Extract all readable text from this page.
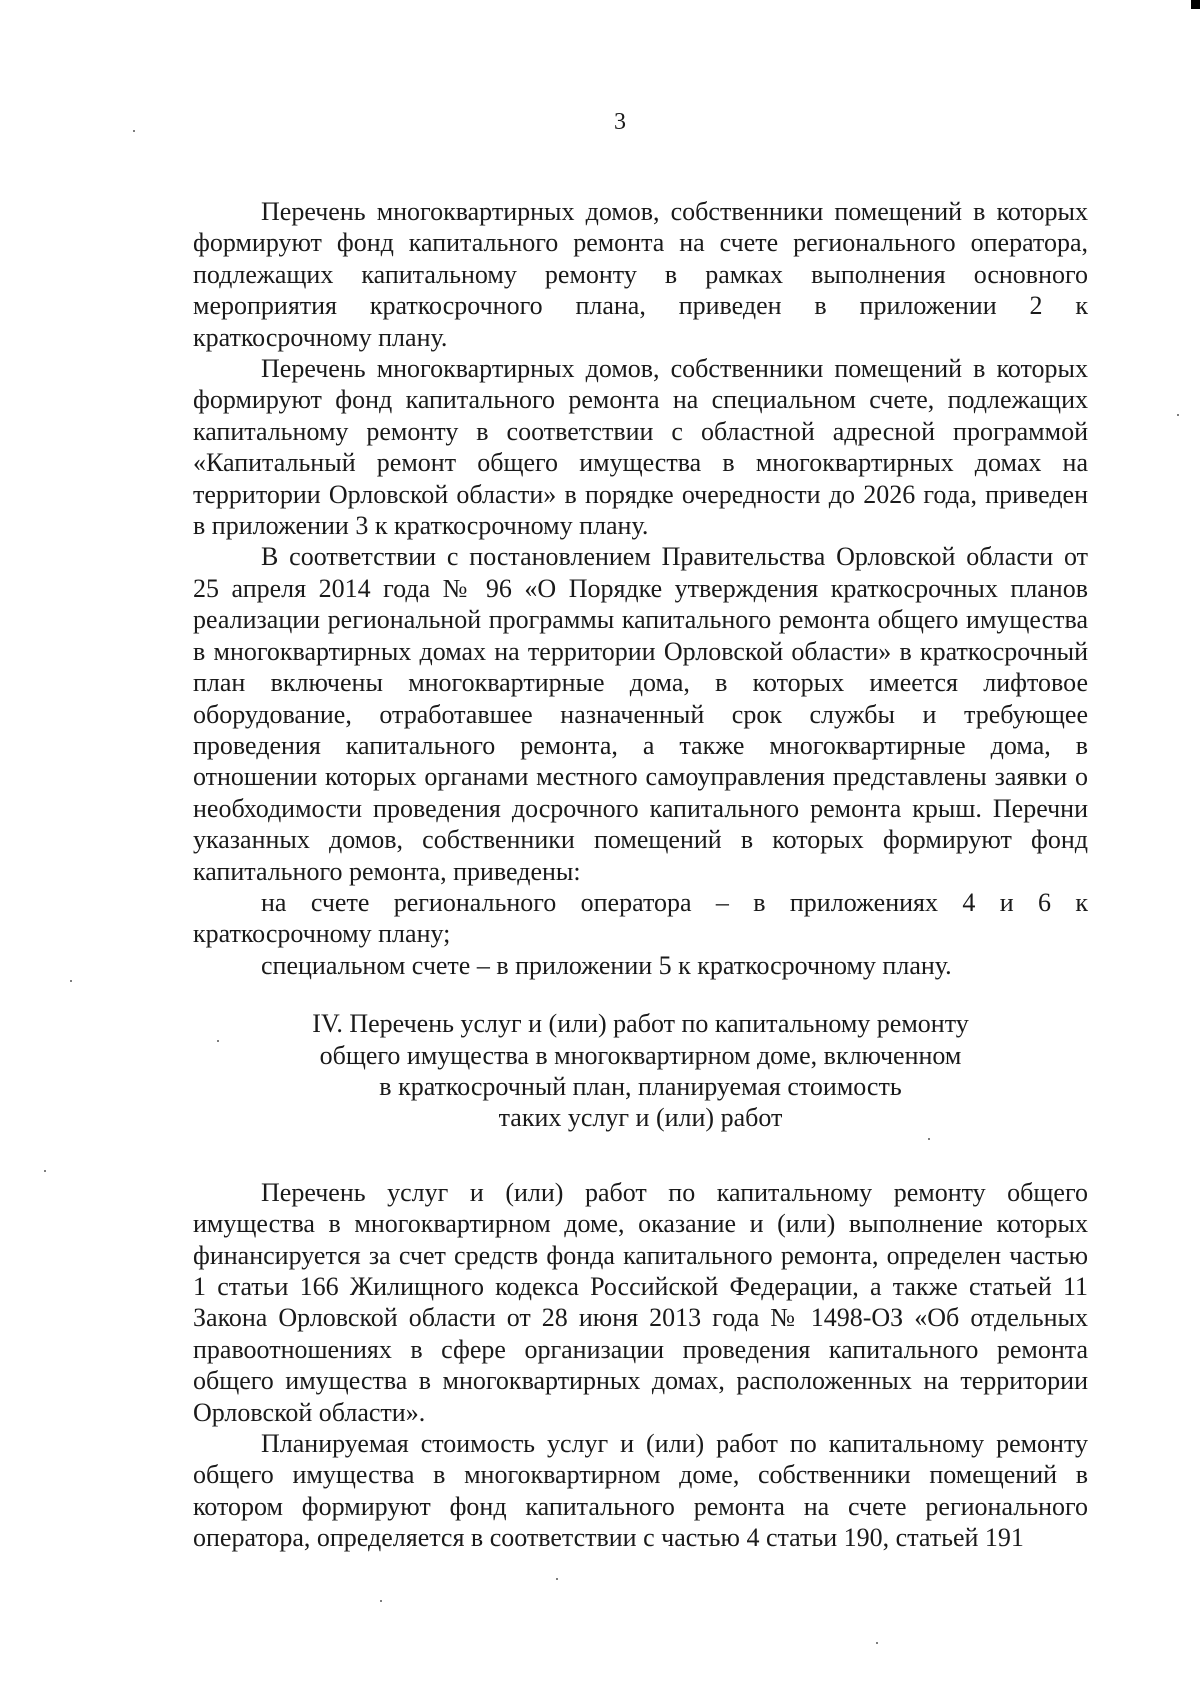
3

Перечень многоквартирных домов, собственники помещений в которых формируют фонд капитального ремонта на счете регионального оператора, подлежащих капитальному ремонту в рамках выполнения основного мероприятия краткосрочного плана, приведен в приложении 2 к краткосрочному плану.

Перечень многоквартирных домов, собственники помещений в которых формируют фонд капитального ремонта на специальном счете, подлежащих капитальному ремонту в соответствии с областной адресной программой «Капитальный ремонт общего имущества в многоквартирных домах на территории Орловской области» в порядке очередности до 2026 года, приведен в приложении 3 к краткосрочному плану.

В соответствии с постановлением Правительства Орловской области от 25 апреля 2014 года № 96 «О Порядке утверждения краткосрочных планов реализации региональной программы капитального ремонта общего имущества в многоквартирных домах на территории Орловской области» в краткосрочный план включены многоквартирные дома, в которых имеется лифтовое оборудование, отработавшее назначенный срок службы и требующее проведения капитального ремонта, а также многоквартирные дома, в отношении которых органами местного самоуправления представлены заявки о необходимости проведения досрочного капитального ремонта крыш. Перечни указанных домов, собственники помещений в которых формируют фонд капитального ремонта, приведены:

на счете регионального оператора – в приложениях 4 и 6 к краткосрочному плану;

специальном счете – в приложении 5 к краткосрочному плану.

IV. Перечень услуг и (или) работ по капитальному ремонту
общего имущества в многоквартирном доме, включенном
в краткосрочный план, планируемая стоимость
таких услуг и (или) работ

Перечень услуг и (или) работ по капитальному ремонту общего имущества в многоквартирном доме, оказание и (или) выполнение которых финансируется за счет средств фонда капитального ремонта, определен частью 1 статьи 166 Жилищного кодекса Российской Федерации, а также статьей 11 Закона Орловской области от 28 июня 2013 года № 1498-ОЗ «Об отдельных правоотношениях в сфере организации проведения капитального ремонта общего имущества в многоквартирных домах, расположенных на территории Орловской области».

Планируемая стоимость услуг и (или) работ по капитальному ремонту общего имущества в многоквартирном доме, собственники помещений в котором формируют фонд капитального ремонта на счете регионального оператора, определяется в соответствии с частью 4 статьи 190, статьей 191
